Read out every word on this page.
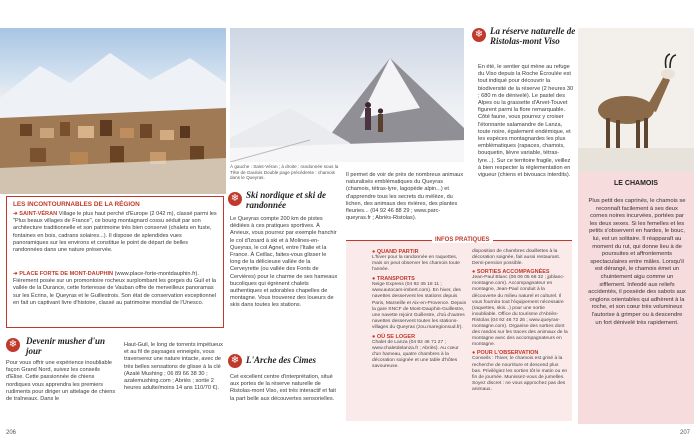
À gauche : Saint-Véran ; à droite : randonnée sous la Tête de Gaulois Double page précédente : chamois dans le Queyras.
LES INCONTOURNABLES DE LA RÉGION
➜ SAINT-VÉRAN Village le plus haut perché d'Europe (2 042 m), classé parmi les "Plus beaux villages de France", ce bourg montagnard cossu séduit par son architecture traditionnelle et son patrimoine très bien conservé (chalets en fuste, fontaines en bois, cadrans solaires...). Il dispose de splendides vues panoramiques sur les environs et constitue le point de départ de belles randonnées dans une nature préservée.
➜ PLACE FORTE DE MONT-DAUPHIN (www.place-forte-montdauphin.fr). Fièrement posée sur un promontoire rocheux surplombant les gorges du Guil et la vallée de la Durance, cette forteresse de Vauban offre de merveilleux panoramas sur les Écrins, le Queyras et le Guillestrois. Son état de conservation exceptionnel en fait un captivant livre d'histoire, classé au patrimoine mondial de l'Unesco.
❄ Devenir musher d'un jour
Pour vous offrir une expérience inoubliable façon Grand Nord, suivez les conseils d'Elise. Cette passionnée de chiens nordiques vous apprendra les premiers rudiments pour diriger un attelage de chiens de traîneaux. Dans le
Haut-Guil, le long de torrents impétueux et au fil de paysages enneigés, vous traverserez une nature intacte, avec de très belles sensations de glisse à la clé (Azalé Mushing ; 06 89 66 38 30 ; azalemushing.com ; Abriès ; sortie 2 heures adulte/moins 14 ans 110/70 €).
206
❄ Ski nordique et ski de randonnée
Le Queyras compte 200 km de pistes dédiées à ces pratiques sportives. À Arvieux, vous pourrez par exemple franchir le col d'Izoard à ski et à Molines-en-Queyras, le col Agnel, entre l'Italie et la France. À Ceillac, faites-vous glisser le long de la délicieuse vallée de la Cerveyrette (ou vallée des Fonts de Cervières) pour le charme de ses hameaux bucoliques qui égrènent chalets authentiques et adorables chapelles de montagne. Vous trouverez des loueurs de skis dans toutes les stations.
❄ L'Arche des Cimes
Cet excellent centre d'interprétation, situé aux portes de la réserve naturelle de Ristolas-mont Viso, est très interactif et fait la part belle aux découvertes sensorielles.
❄ La réserve naturelle de Ristolas-mont Viso
En été, le sentier qui mène au refuge du Viso depuis la Roche Écroulée est tout indiqué pour découvrir la biodiversité de la réserve (2 heures 30 ; 680 m de dénivelé). Le pastel des Alpes ou la grassette d'Arvet-Touvet figurent parmi la flore remarquable. Côté faune, vous pourrez y croiser l'étonnante salamandre de Lanza, toute noire, également endémique, et les espèces montagnardes les plus emblématiques (rapaces, chamois, bouquetin, lièvre variable, tétras-lyre...). Sur ce territoire fragile, veillez à bien respecter la réglementation en vigueur (chiens et bivouacs interdits).
Il permet de voir de près de nombreux animaux naturalisés emblématiques du Queyras (chamois, tétras-lyre, lagopède alpin...) et d'apprendre tous les secrets du mélèze, du lichen, des animaux des rivières, des plantes fleuries... (04 92 46 88 29 ; www.parc-queyras.fr ; Abriès-Ristolas).
INFOS PRATIQUES
● QUAND PARTIR
L'hiver pour la randonnée en raquettes, mais on peut observer les chamois toute l'année.
● TRANSPORTS
Neige Express (04 92 45 18 11 ; www.autocars-imbert.com). En hiver, des navettes desservent les stations depuis Paris, Marseille et Aix-en-Provence. Depuis la gare SNCF de Mont-Dauphin-Guillestre, une navette rejoint Guillestre, d'où d'autres navettes desservent toutes les stations-villages du Queyras (zou.maregionsud.fr).
● OÙ SE LOGER
Chalet de Lanza (04 92 46 71 27 ; www.chaletdelanza.fr ; Abriès). Au cœur d'un hameau, quatre chambres à la décoration soignée et une table d'hôtes savoureuse.
disposition de chambres douillettes à la décoration soignée, fait aussi restaurant. Demi-pension possible.
● SORTIES ACCOMPAGNÉES
Jean-Paul Blanc (06 06 05 68 32 ; jpblanc-montagne.com). Accompagnateur en montagne, Jean-Paul conduit à la découverte du milieu naturel et culturel. Il vous fournira tout l'équipement nécessaire (raquettes, skis...) pour une sortie inoubliable. Office du tourisme d'Abriès-Ristolas (04 92 46 72 26 ; www.queyras-montagne.com). Organise des sorties dont des randos sur les traces des animaux de la montagne avec des accompagnateurs en montagne.
● POUR L'OBSERVATION
Conseils : l'hiver, le chamois est grisé à la recherche de nourriture et descend plus bas. Privilégiez les sorties tôt le matin ou en fin de journée. Munissez-vous de jumelles. Soyez discret : ne vous approchez pas des animaux.
LE CHAMOIS
Plus petit des caprinés, le chamois se reconnaît facilement à ses deux cornes noires incurvées, portées par les deux sexes. Si les femelles et les petits s'observent en hardes, le bouc, lui, est un solitaire. Il réapparaît au moment du rut, qui donne lieu à de poursuites et affrontements spectaculaires entre mâles. Lorsqu'il est dérangé, le chamois émet un chuintement aigu comme un sifflement. Infeodé aux reliefs accidentés, il possède des sabots aux onglons orientables qui adhèrent à la roche, et son cœur très volumineux l'autorise à grimper ou à descendre un fort dénivelé très rapidement.
207
